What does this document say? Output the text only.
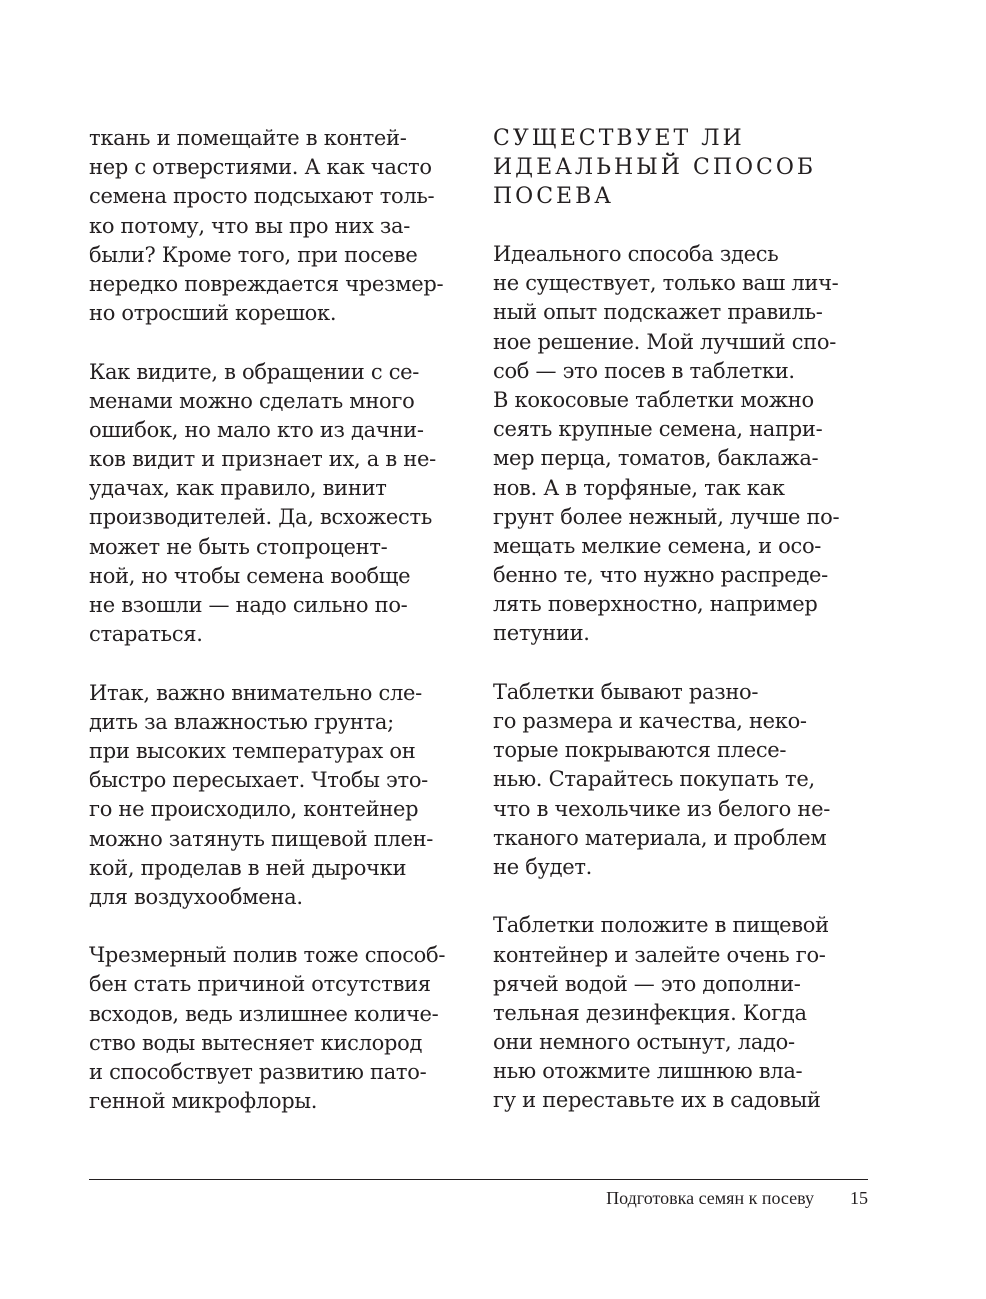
ткань и помещайте в контей-
нер с отверстиями. А как часто
семена просто подсыхают толь-
ко потому, что вы про них за-
были? Кроме того, при посеве
нередко повреждается чрезмер-
но отросший корешок.
Как видите, в обращении с се-
менами можно сделать много
ошибок, но мало кто из дачни-
ков видит и признает их, а в не-
удачах, как правило, винит
производителей. Да, всхожесть
может не быть стопроцент-
ной, но чтобы семена вообще
не взошли — надо сильно по-
стараться.
Итак, важно внимательно сле-
дить за влажностью грунта;
при высоких температурах он
быстро пересыхает. Чтобы это-
го не происходило, контейнер
можно затянуть пищевой плен-
кой, проделав в ней дырочки
для воздухообмена.
Чрезмерный полив тоже способ-
бен стать причиной отсутствия
всходов, ведь излишнее количе-
ство воды вытесняет кислород
и способствует развитию пато-
генной микрофлоры.
СУЩЕСТВУЕТ ЛИ
ИДЕАЛЬНЫЙ СПОСОБ
ПОСЕВА
Идеального способа здесь
не существует, только ваш лич-
ный опыт подскажет правиль-
ное решение. Мой лучший спо-
соб — это посев в таблетки.
В кокосовые таблетки можно
сеять крупные семена, напри-
мер перца, томатов, баклажа-
нов. А в торфяные, так как
грунт более нежный, лучше по-
мещать мелкие семена, и осо-
бенно те, что нужно распреде-
лять поверхностно, например
петунии.
Таблетки бывают разно-
го размера и качества, неко-
торые покрываются плесе-
нью. Старайтесь покупать те,
что в чехольчике из белого не-
тканого материала, и проблем
не будет.
Таблетки положите в пищевой
контейнер и залейте очень го-
рячей водой — это дополни-
тельная дезинфекция. Когда
они немного остынут, ладо-
нью отожмите лишнюю вла-
гу и переставьте их в садовый
Подготовка семян к посеву 15
